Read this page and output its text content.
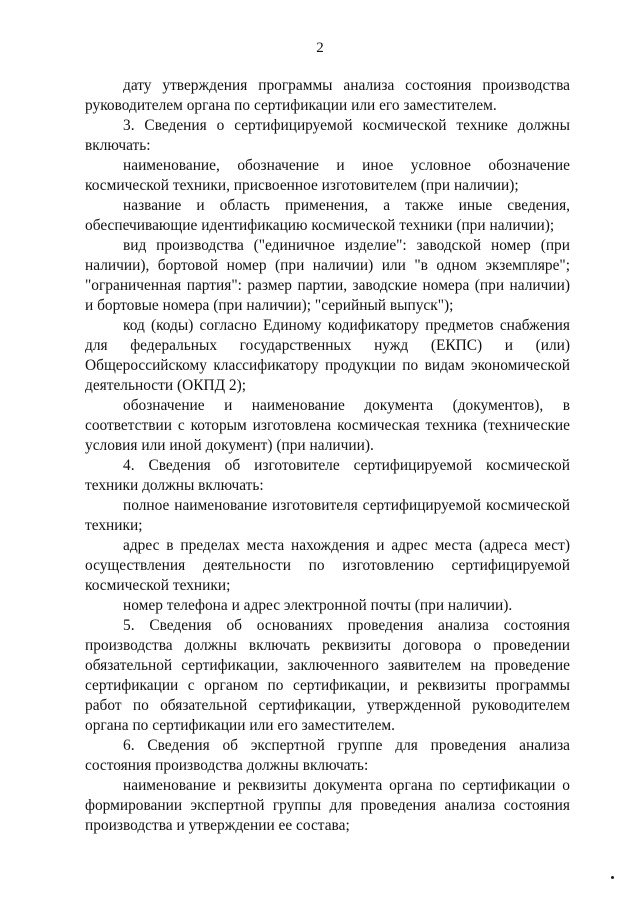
2

дату утверждения программы анализа состояния производства руководителем органа по сертификации или его заместителем.

3. Сведения о сертифицируемой космической технике должны включать:

наименование, обозначение и иное условное обозначение космической техники, присвоенное изготовителем (при наличии);

название и область применения, а также иные сведения, обеспечивающие идентификацию космической техники (при наличии);

вид производства ("единичное изделие": заводской номер (при наличии), бортовой номер (при наличии) или "в одном экземпляре"; "ограниченная партия": размер партии, заводские номера (при наличии) и бортовые номера (при наличии); "серийный выпуск");

код (коды) согласно Единому кодификатору предметов снабжения для федеральных государственных нужд (ЕКПС) и (или) Общероссийскому классификатору продукции по видам экономической деятельности (ОКПД 2);

обозначение и наименование документа (документов), в соответствии с которым изготовлена космическая техника (технические условия или иной документ) (при наличии).

4. Сведения об изготовителе сертифицируемой космической техники должны включать:

полное наименование изготовителя сертифицируемой космической техники;

адрес в пределах места нахождения и адрес места (адреса мест) осуществления деятельности по изготовлению сертифицируемой космической техники;

номер телефона и адрес электронной почты (при наличии).

5. Сведения об основаниях проведения анализа состояния производства должны включать реквизиты договора о проведении обязательной сертификации, заключенного заявителем на проведение сертификации с органом по сертификации, и реквизиты программы работ по обязательной сертификации, утвержденной руководителем органа по сертификации или его заместителем.

6. Сведения об экспертной группе для проведения анализа состояния производства должны включать:

наименование и реквизиты документа органа по сертификации о формировании экспертной группы для проведения анализа состояния производства и утверждении ее состава;
